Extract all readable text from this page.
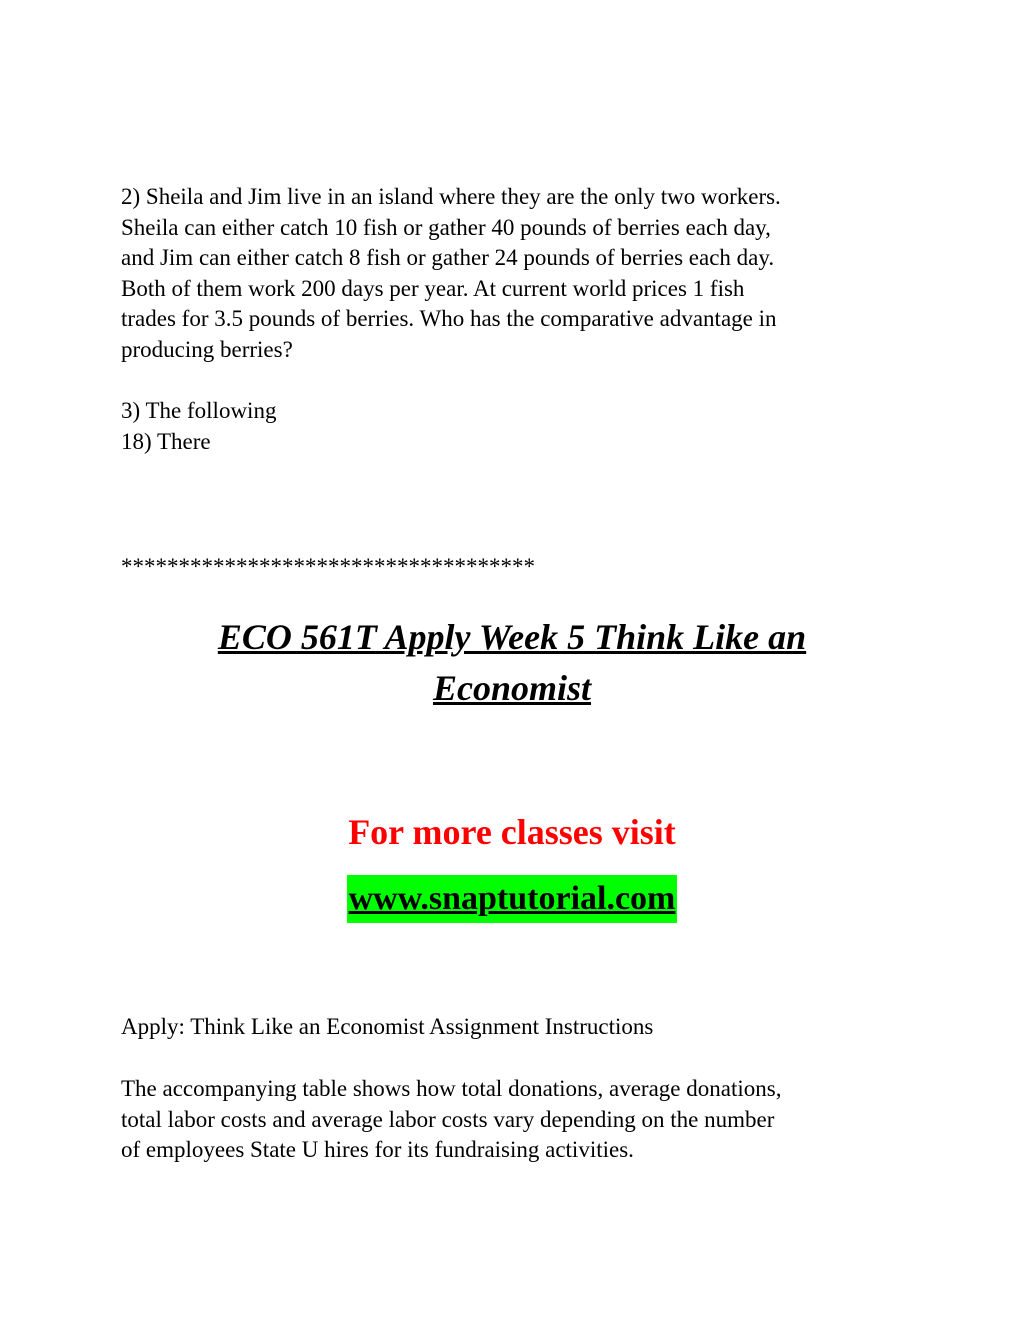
2) Sheila and Jim live in an island where they are the only two workers.
Sheila can either catch 10 fish or gather 40 pounds of berries each day,
and Jim can either catch 8 fish or gather 24 pounds of berries each day.
Both of them work 200 days per year. At current world prices 1 fish
trades for 3.5 pounds of berries. Who has the comparative advantage in
producing berries?

3) The following
18) There

************************************

ECO 561T Apply Week 5 Think Like an
Economist

For more classes visit

www.snaptutorial.com

Apply: Think Like an Economist Assignment Instructions

The accompanying table shows how total donations, average donations,
total labor costs and average labor costs vary depending on the number
of employees State U hires for its fundraising activities.
